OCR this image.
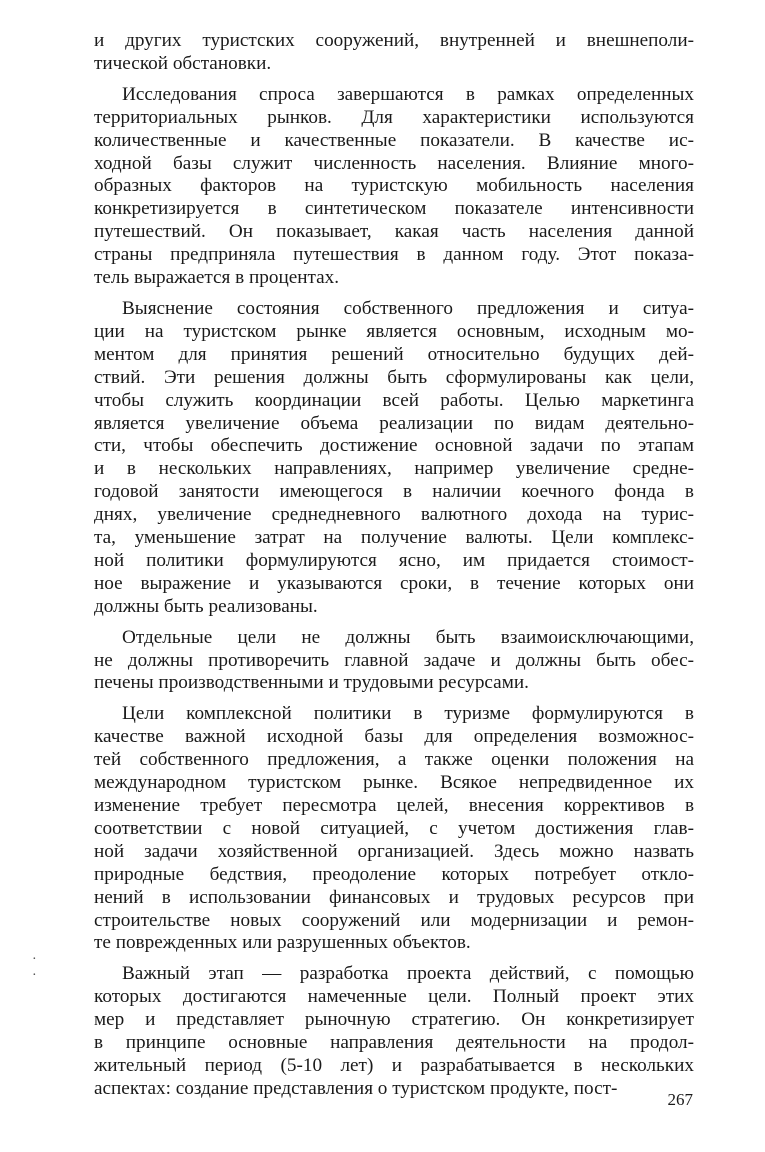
и других туристских сооружений, внутренней и внешнеполи-
тической обстановки.
Исследования спроса завершаются в рамках определенных
территориальных рынков. Для характеристики используются
количественные и качественные показатели. В качестве ис-
ходной базы служит численность населения. Влияние много-
образных факторов на туристскую мобильность населения
конкретизируется в синтетическом показателе интенсивности
путешествий. Он показывает, какая часть населения данной
страны предприняла путешествия в данном году. Этот показа-
тель выражается в процентах.
Выяснение состояния собственного предложения и ситуа-
ции на туристском рынке является основным, исходным мо-
ментом для принятия решений относительно будущих дей-
ствий. Эти решения должны быть сформулированы как цели,
чтобы служить координации всей работы. Целью маркетинга
является увеличение объема реализации по видам деятельно-
сти, чтобы обеспечить достижение основной задачи по этапам
и в нескольких направлениях, например увеличение средне-
годовой занятости имеющегося в наличии коечного фонда в
днях, увеличение среднедневного валютного дохода на турис-
та, уменьшение затрат на получение валюты. Цели комплекс-
ной политики формулируются ясно, им придается стоимост-
ное выражение и указываются сроки, в течение которых они
должны быть реализованы.
Отдельные цели не должны быть взаимоисключающими,
не должны противоречить главной задаче и должны быть обес-
печены производственными и трудовыми ресурсами.
Цели комплексной политики в туризме формулируются в
качестве важной исходной базы для определения возможнос-
тей собственного предложения, а также оценки положения на
международном туристском рынке. Всякое непредвиденное их
изменение требует пересмотра целей, внесения коррективов в
соответствии с новой ситуацией, с учетом достижения глав-
ной задачи хозяйственной организацией. Здесь можно назвать
природные бедствия, преодоление которых потребует откло-
нений в использовании финансовых и трудовых ресурсов при
строительстве новых сооружений или модернизации и ремон-
те поврежденных или разрушенных объектов.
Важный этап — разработка проекта действий, с помощью
которых достигаются намеченные цели. Полный проект этих
мер и представляет рыночную стратегию. Он конкретизирует
в принципе основные направления деятельности на продол-
жительный период (5-10 лет) и разрабатывается в нескольких
аспектах: создание представления о туристском продукте, пост-
·
·
267
